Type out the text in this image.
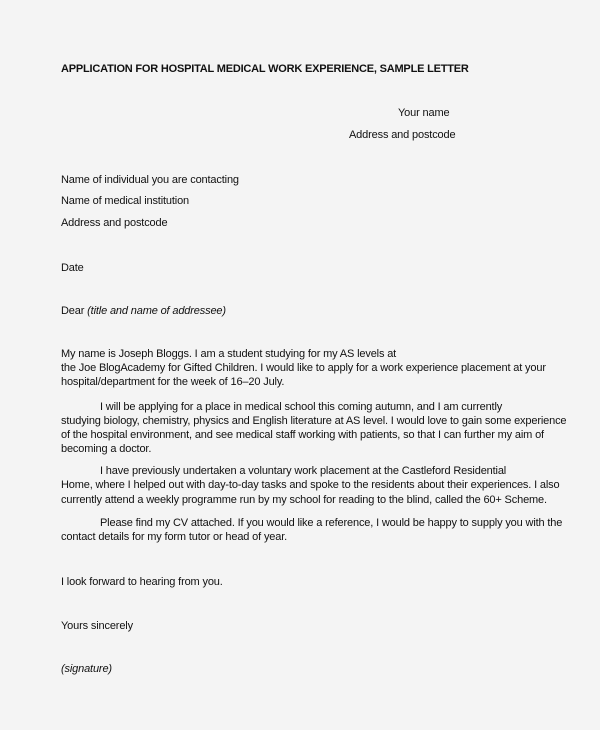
APPLICATION FOR HOSPITAL MEDICAL WORK EXPERIENCE, SAMPLE LETTER
Your name
Address and postcode
Name of individual you are contacting
Name of medical institution
Address and postcode
Date
Dear (title and name of addressee)
My name is Joseph Bloggs. I am a student studying for my AS levels at
the Joe BlogAcademy for Gifted Children. I would like to apply for a work experience placement at your
hospital/department for the week of 16–20 July.
I will be applying for a place in medical school this coming autumn, and I am currently
studying biology, chemistry, physics and English literature at AS level. I would love to gain some experience
of the hospital environment, and see medical staff working with patients, so that I can further my aim of
becoming a doctor.
I have previously undertaken a voluntary work placement at the Castleford Residential
Home, where I helped out with day-to-day tasks and spoke to the residents about their experiences. I also
currently attend a weekly programme run by my school for reading to the blind, called the 60+ Scheme.
Please find my CV attached. If you would like a reference, I would be happy to supply you with the
contact details for my form tutor or head of year.
I look forward to hearing from you.
Yours sincerely
(signature)
